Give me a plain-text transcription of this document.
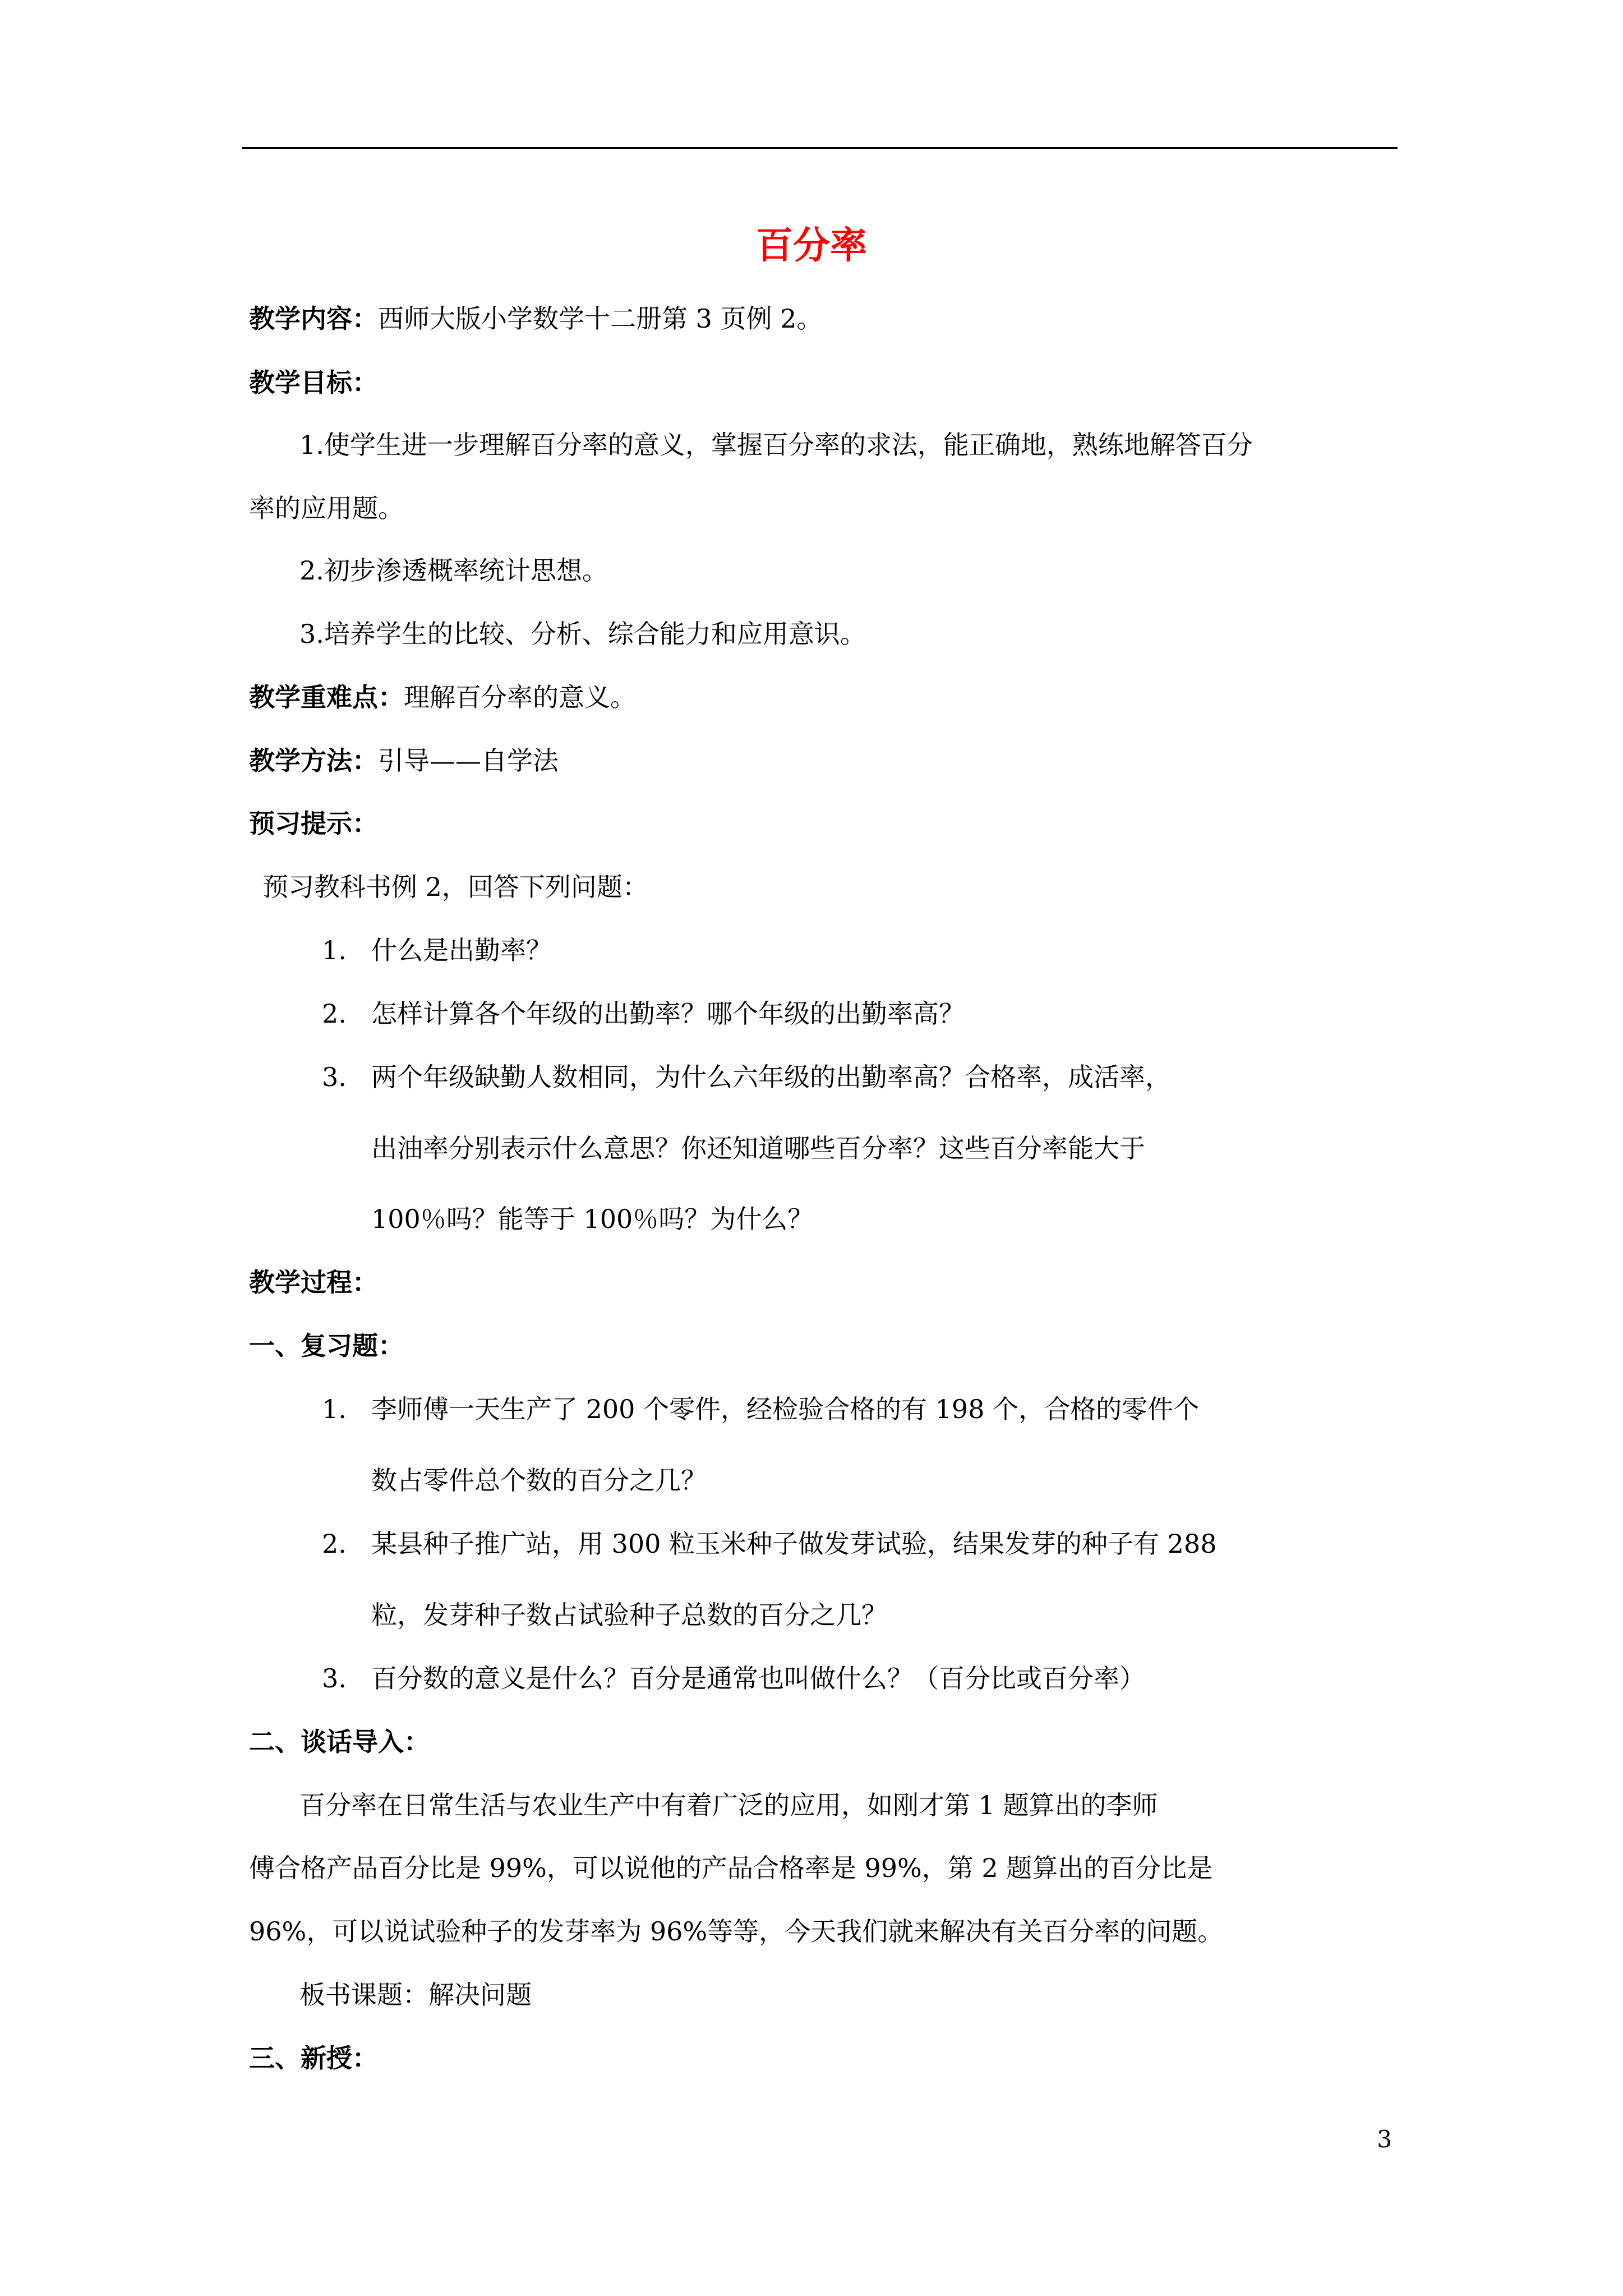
百分率
教学内容：西师大版小学数学十二册第 3 页例 2。
教学目标：
1.使学生进一步理解百分率的意义，掌握百分率的求法，能正确地，熟练地解答百分
率的应用题。
2.初步渗透概率统计思想。
3.培养学生的比较、分析、综合能力和应用意识。
教学重难点：理解百分率的意义。
教学方法：引导——自学法
预习提示：
预习教科书例 2，回答下列问题：
1. 什么是出勤率？
2. 怎样计算各个年级的出勤率？哪个年级的出勤率高？
3. 两个年级缺勤人数相同，为什么六年级的出勤率高？合格率，成活率，
出油率分别表示什么意思？你还知道哪些百分率？这些百分率能大于
100％吗？能等于 100％吗？为什么？
教学过程：
一、复习题：
1. 李师傅一天生产了 200 个零件，经检验合格的有 198 个，合格的零件个
数占零件总个数的百分之几？
2. 某县种子推广站，用 300 粒玉米种子做发芽试验，结果发芽的种子有 288
粒，发芽种子数占试验种子总数的百分之几？
3. 百分数的意义是什么？百分是通常也叫做什么？（百分比或百分率）
二、谈话导入：
百分率在日常生活与农业生产中有着广泛的应用，如刚才第 1 题算出的李师
傅合格产品百分比是 99%，可以说他的产品合格率是 99%，第 2 题算出的百分比是
96%，可以说试验种子的发芽率为 96%等等，今天我们就来解决有关百分率的问题。
板书课题：解决问题
三、新授：
3
